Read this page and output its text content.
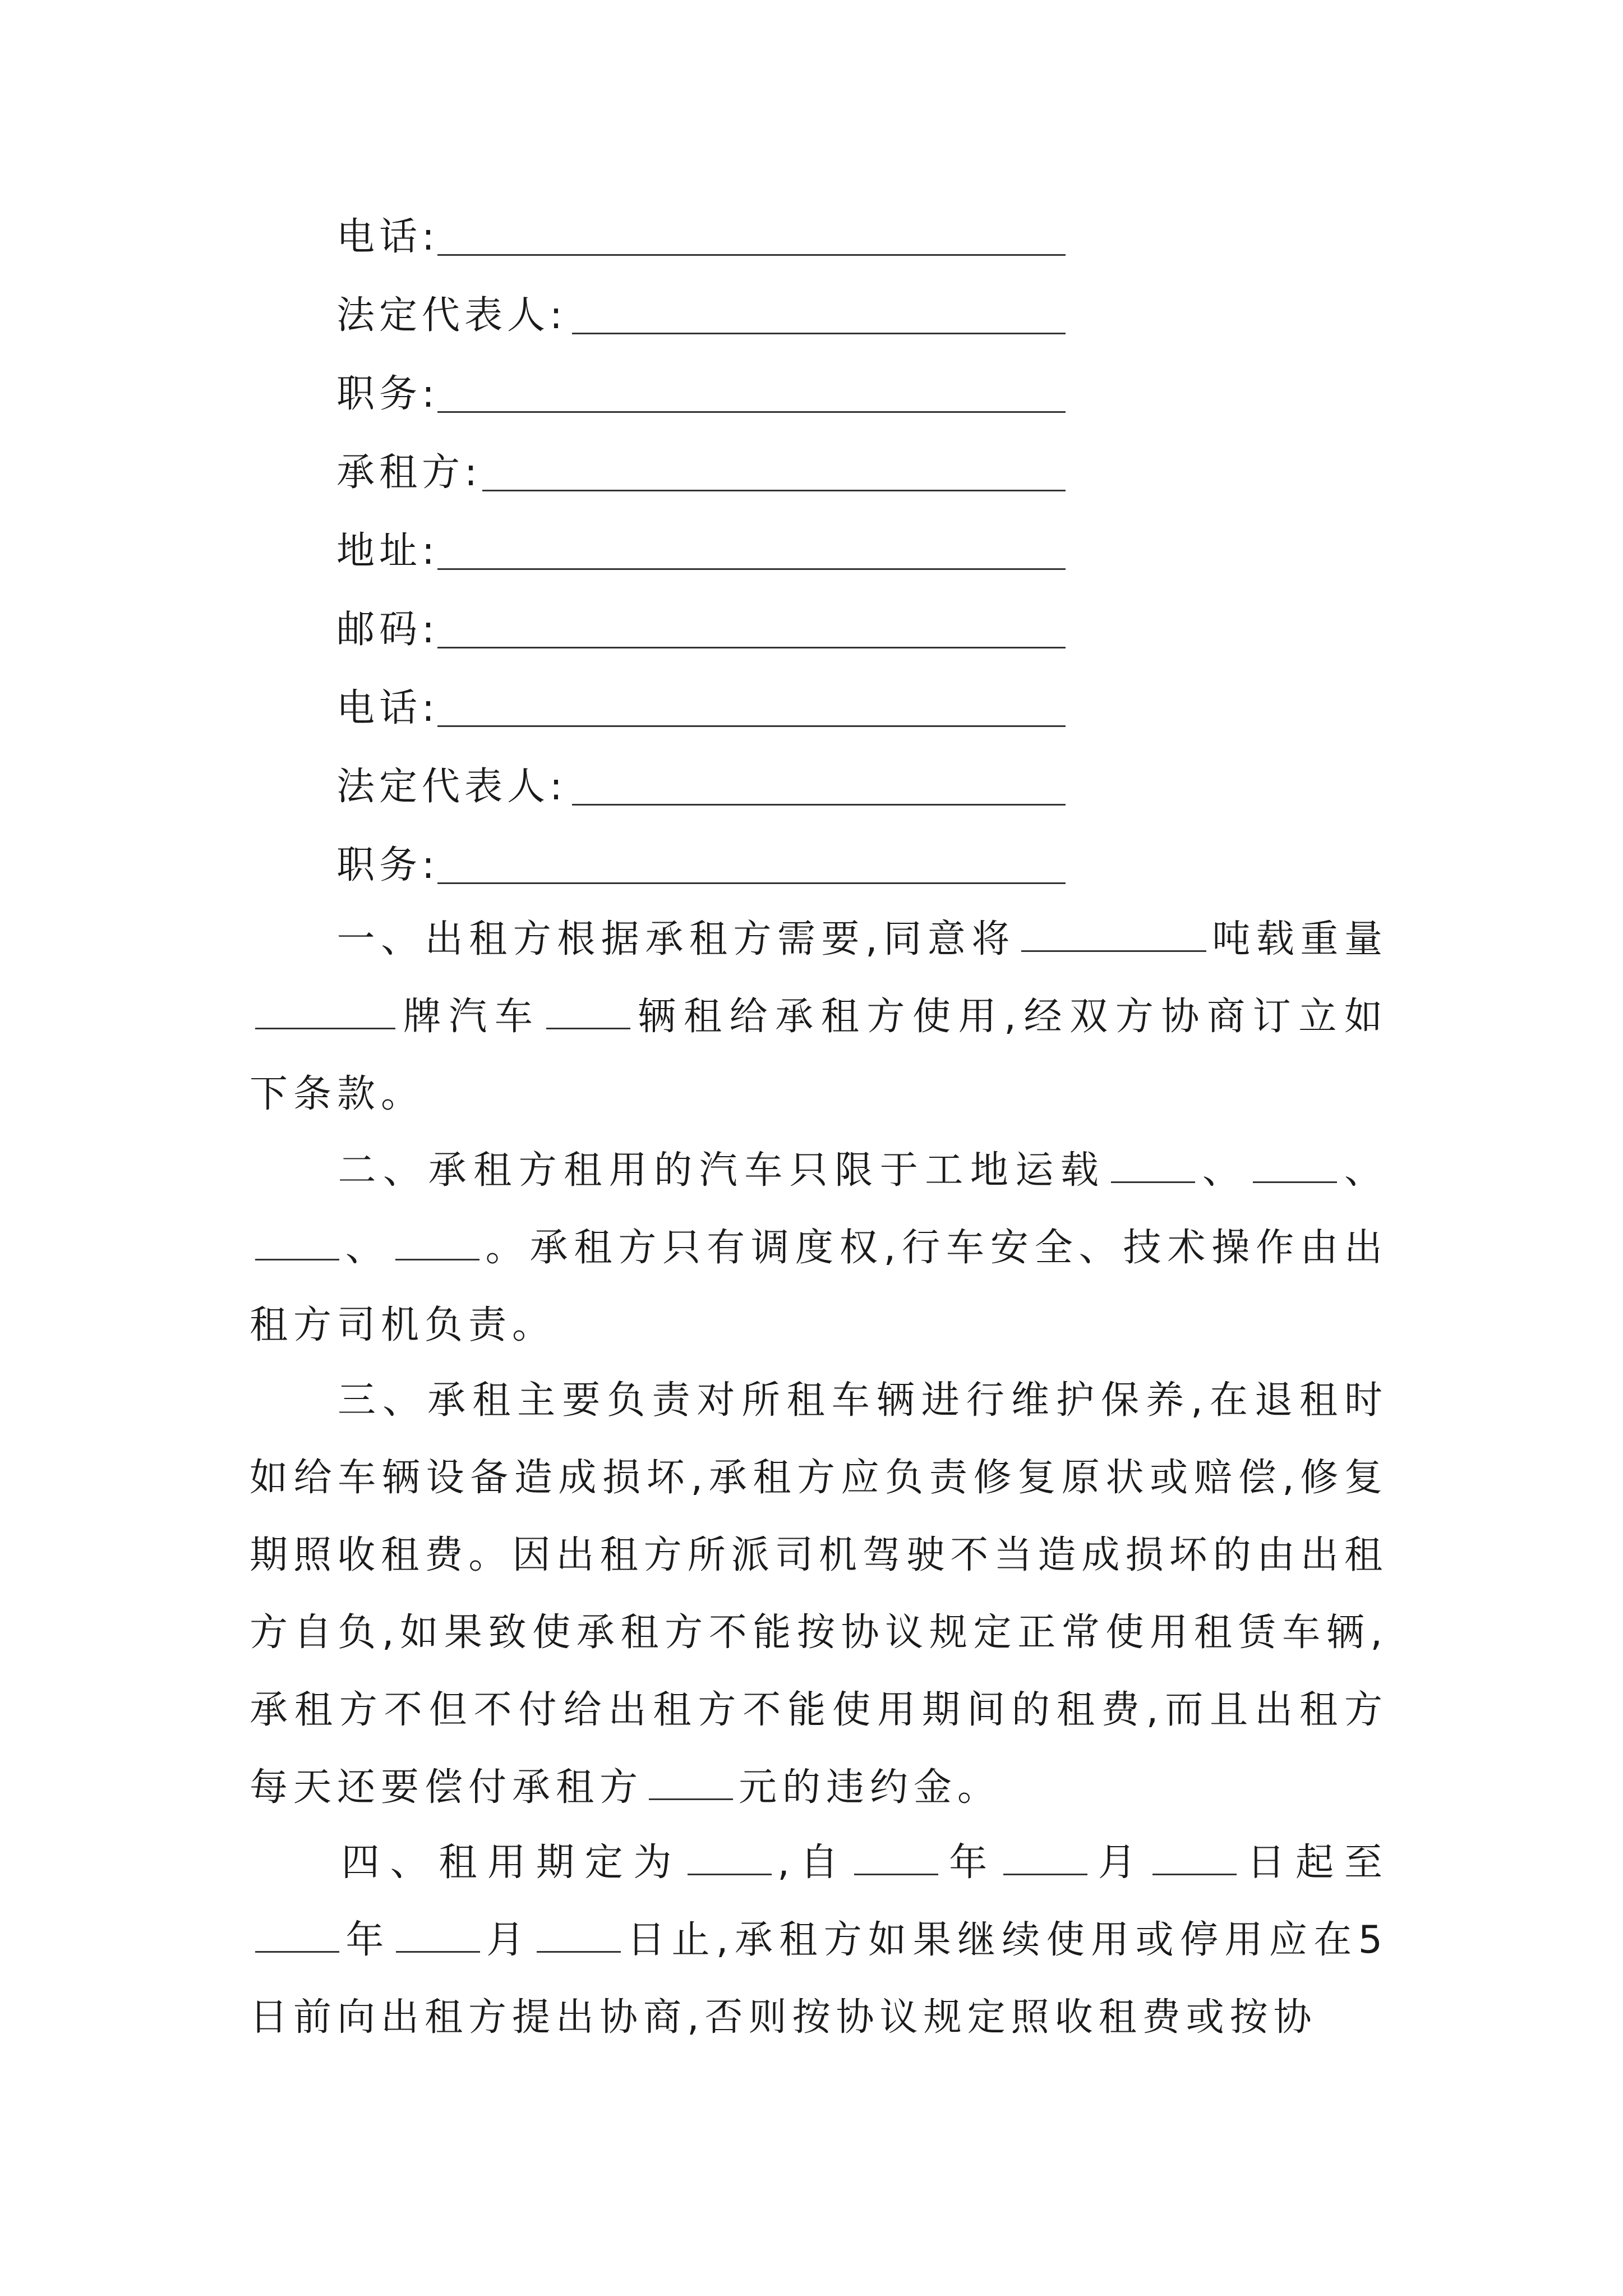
电话:
法定代表人:
职务:
承租方:
地址:
邮码:
电话:
法定代表人:
职务:
一、出租方根据承租方需要,同意将	吨载重量牌汽车	辆租给承租方使用,经双方协商订立如下条款。
二、承租方租用的汽车只限于工地运载	、	、、	。承租方只有调度权,行车安全、技术操作由出租方司机负责。
三、承租主要负责对所租车辆进行维护保养,在退租时如给车辆设备造成损坏,承租方应负责修复原状或赔偿,修复期照收租费。因出租方所派司机驾驶不当造成损坏的由出租方自负,如果致使承租方不能按协议规定正常使用租赁车辆,承租方不但不付给出租方不能使用期间的租费,而且出租方每天还要偿付承租方	元的违约金。
四、租用期定为	,自	年	月	日起至年	月	日止,承租方如果继续使用或停用应在5日前向出租方提出协商,否则按协议规定照收租费或按协
